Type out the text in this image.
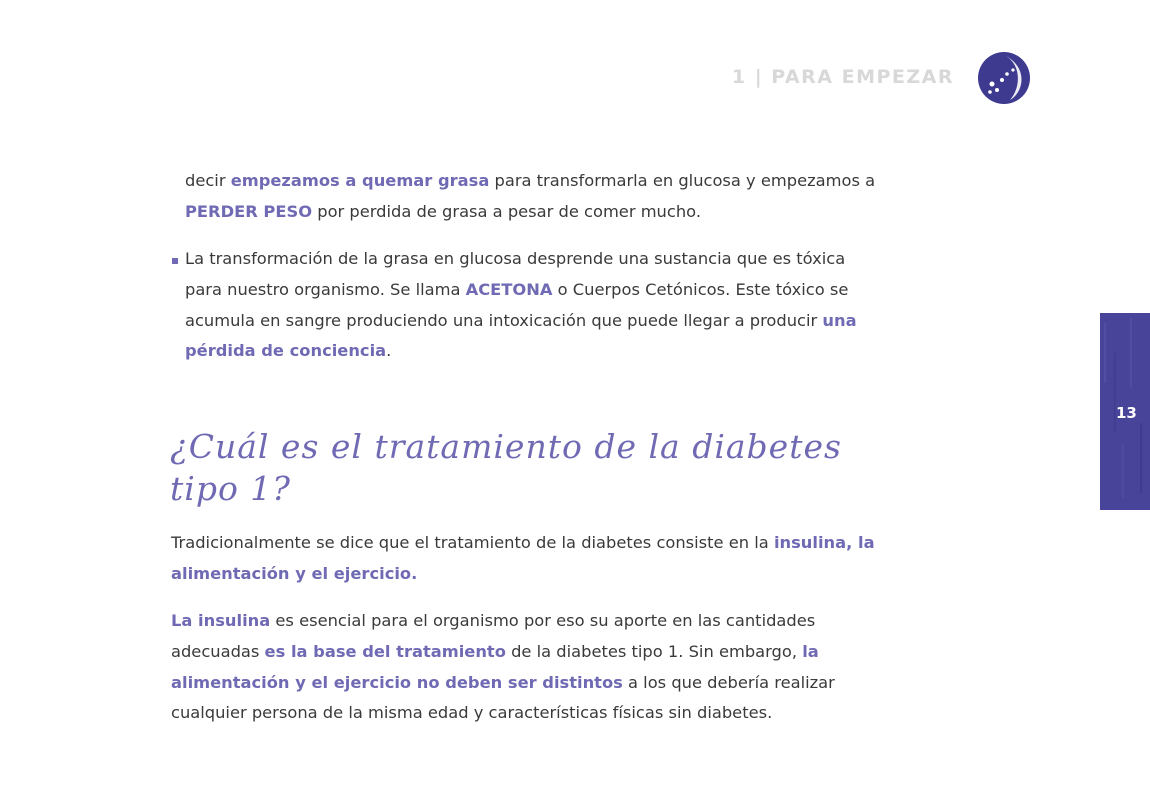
1 | PARA EMPEZAR
13
decir empezamos a quemar grasa para transformarla en glucosa y empezamos a PERDER PESO por perdida de grasa a pesar de comer mucho.
La transformación de la grasa en glucosa desprende una sustancia que es tóxica para nuestro organismo. Se llama ACETONA o Cuerpos Cetónicos. Este tóxico se acumula en sangre produciendo una intoxicación que puede llegar a producir una pérdida de conciencia.
¿Cuál es el tratamiento de la diabetes tipo 1?
Tradicionalmente se dice que el tratamiento de la diabetes consiste en la insulina, la alimentación y el ejercicio.
La insulina es esencial para el organismo por eso su aporte en las cantidades adecuadas es la base del tratamiento de la diabetes tipo 1. Sin embargo, la alimentación y el ejercicio no deben ser distintos a los que debería realizar cualquier persona de la misma edad y características físicas sin diabetes.
